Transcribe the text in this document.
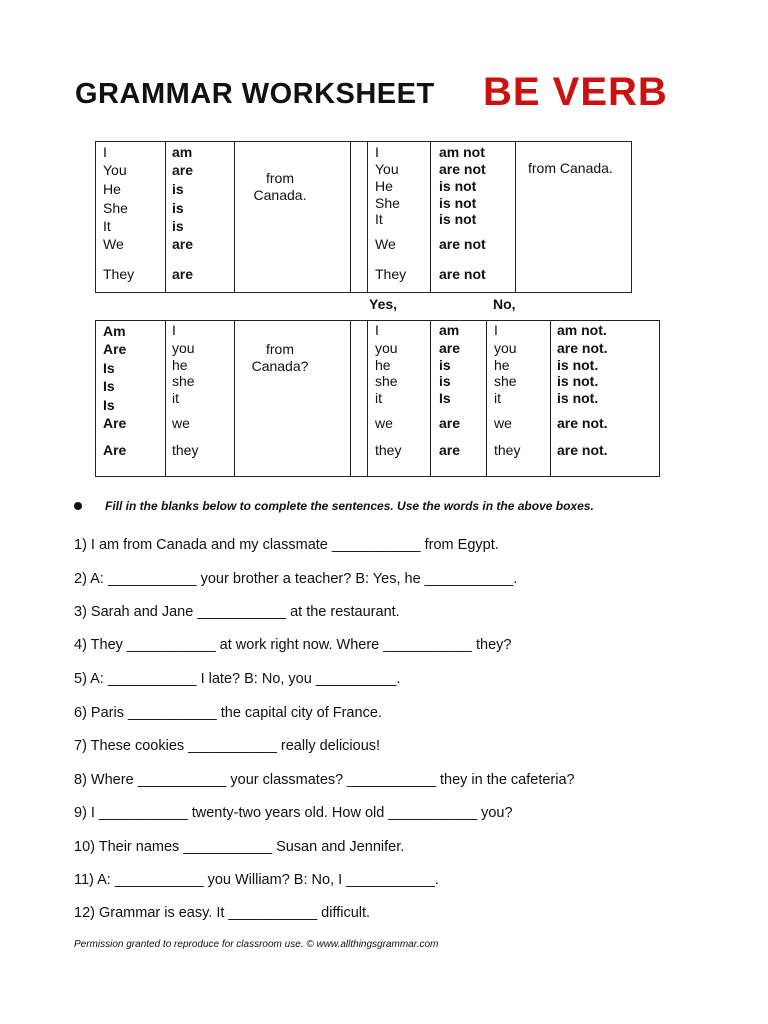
GRAMMAR WORKSHEET BE VERB
I
You
He
She
It
We
They
am
are
is
is
is
are
are
from Canada.
I
You
He
She
It
We
They
am not
are not
is not
is not
is not
are not
are not
from Canada.
Yes,	No,
Am
Are
Is
Is
Is
Are
Are
I
you
he
she
it
we
they
from Canada?
I
you
he
she
it
we
they
am
are
is
is
Is
are
are
I
you
he
she
it
we
they
am not.
are not.
is not.
is not.
is not.
are not.
are not.
Fill in the blanks below to complete the sentences. Use the words in the above boxes.
1) I am from Canada and my classmate ___________ from Egypt.
2) A: ___________ your brother a teacher? B: Yes, he ___________.
3) Sarah and Jane ___________ at the restaurant.
4) They ___________ at work right now. Where ___________ they?
5) A: ___________ I late? B: No, you __________.
6) Paris ___________ the capital city of France.
7) These cookies ___________ really delicious!
8) Where ___________ your classmates? ___________ they in the cafeteria?
9) I ___________ twenty-two years old. How old ___________ you?
10) Their names ___________ Susan and Jennifer.
11) A: ___________ you William? B: No, I ___________.
12) Grammar is easy. It ___________ difficult.
Permission granted to reproduce for classroom use. © www.allthingsgrammar.com
